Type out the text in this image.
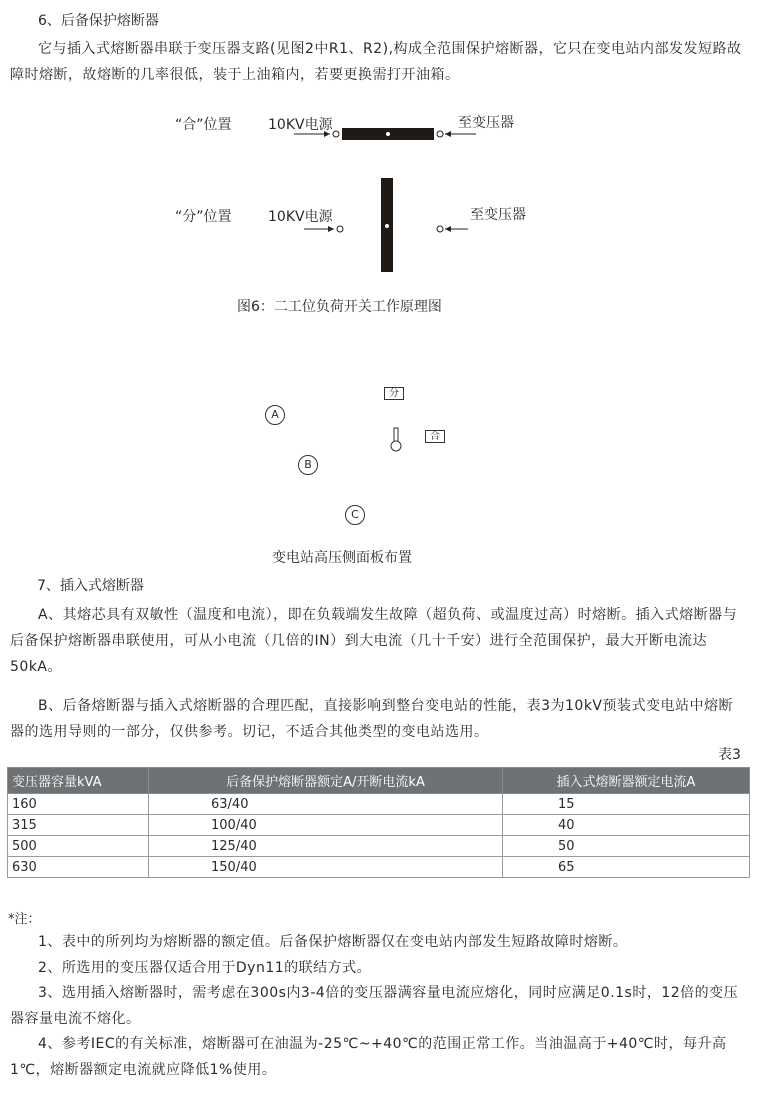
6、后备保护熔断器
它与插入式熔断器串联于变压器支路(见图2中R1、R2),构成全范围保护熔断器，它只在变电站内部发发短路故障时熔断，故熔断的几率很低，装于上油箱内，若要更换需打开油箱。
“合”位置	10KV电源	至变压器
“分”位置	10KV电源	至变压器
图6：二工位负荷开关工作原理图
分
合
A
B
C
变电站高压侧面板布置
7、插入式熔断器
A、其熔芯具有双敏性（温度和电流），即在负载端发生故障（超负荷、或温度过高）时熔断。插入式熔断器与后备保护熔断器串联使用，可从小电流（几倍的IN）到大电流（几十千安）进行全范围保护，最大开断电流达50kA。
B、后备熔断器与插入式熔断器的合理匹配，直接影响到整台变电站的性能，表3为10kV预装式变电站中熔断器的选用导则的一部分，仅供参考。切记，不适合其他类型的变电站选用。
表3
变压器容量kVA	后备保护熔断器额定A/开断电流kA	插入式熔断器额定电流A
160	63/40	15
315	100/40	40
500	125/40	50
630	150/40	65
*注：
1、表中的所列均为熔断器的额定值。后备保护熔断器仅在变电站内部发生短路故障时熔断。
2、所选用的变压器仅适合用于Dyn11的联结方式。
3、选用插入熔断器时，需考虑在300s内3-4倍的变压器满容量电流应熔化，同时应满足0.1s时，12倍的变压器容量电流不熔化。
4、参考IEC的有关标准，熔断器可在油温为-25℃~+40℃的范围正常工作。当油温高于+40℃时，每升高1℃，熔断器额定电流就应降低1%使用。
